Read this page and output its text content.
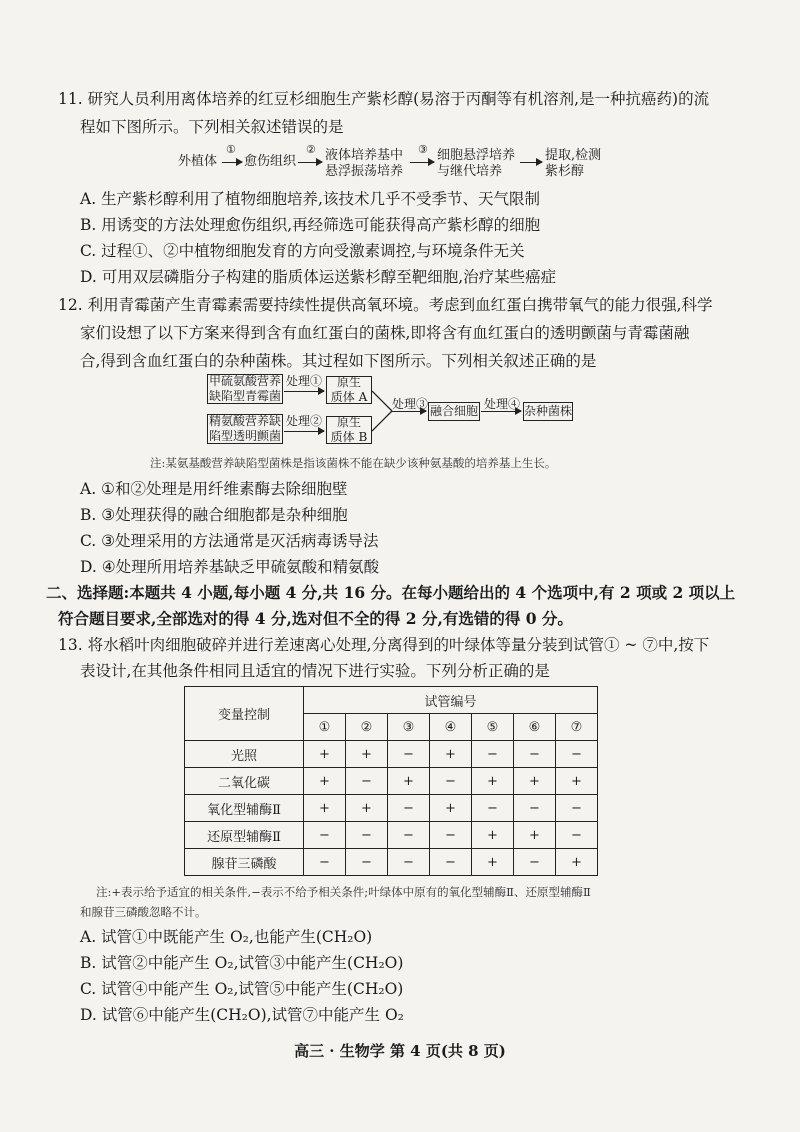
11. 研究人员利用离体培养的红豆杉细胞生产紫杉醇(易溶于丙酮等有机溶剂,是一种抗癌药)的流
程如下图所示。下列相关叙述错误的是
外植体
①
愈伤组织
② 液体培养基中
悬浮振荡培养
③ 细胞悬浮培养
与继代培养
提取,检测
紫杉醇
A. 生产紫杉醇利用了植物细胞培养,该技术几乎不受季节、天气限制
B. 用诱变的方法处理愈伤组织,再经筛选可能获得高产紫杉醇的细胞
C. 过程①、②中植物细胞发育的方向受激素调控,与环境条件无关
D. 可用双层磷脂分子构建的脂质体运送紫杉醇至靶细胞,治疗某些癌症
12. 利用青霉菌产生青霉素需要持续性提供高氧环境。考虑到血红蛋白携带氧气的能力很强,科学
家们设想了以下方案来得到含有血红蛋白的菌株,即将含有血红蛋白的透明颤菌与青霉菌融
合,得到含血红蛋白的杂种菌株。其过程如下图所示。下列相关叙述正确的是
甲硫氨酸营养
缺陷型青霉菌
处理① 原生
质体 A
精氨酸营养缺
陷型透明颤菌
处理② 原生
质体 B
处理③ 融合细胞 处理④ 杂种菌株
注:某氨基酸营养缺陷型菌株是指该菌株不能在缺少该种氨基酸的培养基上生长。
A. ①和②处理是用纤维素酶去除细胞壁
B. ③处理获得的融合细胞都是杂种细胞
C. ③处理采用的方法通常是灭活病毒诱导法
D. ④处理所用培养基缺乏甲硫氨酸和精氨酸
二、选择题:本题共 4 小题,每小题 4 分,共 16 分。在每小题给出的 4 个选项中,有 2 项或 2 项以上
符合题目要求,全部选对的得 4 分,选对但不全的得 2 分,有选错的得 0 分。
13. 将水稻叶肉细胞破碎并进行差速离心处理,分离得到的叶绿体等量分装到试管① ~ ⑦中,按下
表设计,在其他条件相同且适宜的情况下进行实验。下列分析正确的是
变量控制	试管编号						
	①	②	③	④	⑤	⑥	⑦
光照	+	+	−	+	−	−	−
二氧化碳	+	−	+	−	+	+	+
氧化型辅酶Ⅱ	+	+	−	+	−	−	−
还原型辅酶Ⅱ	−	−	−	−	+	+	−
腺苷三磷酸	−	−	−	−	+	−	+
注:+表示给予适宜的相关条件,−表示不给予相关条件;叶绿体中原有的氧化型辅酶Ⅱ、还原型辅酶Ⅱ
和腺苷三磷酸忽略不计。
A. 试管①中既能产生 O₂,也能产生(CH₂O)
B. 试管②中能产生 O₂,试管③中能产生(CH₂O)
C. 试管④中能产生 O₂,试管⑤中能产生(CH₂O)
D. 试管⑥中能产生(CH₂O),试管⑦中能产生 O₂
高三 · 生物学 第 4 页(共 8 页)
